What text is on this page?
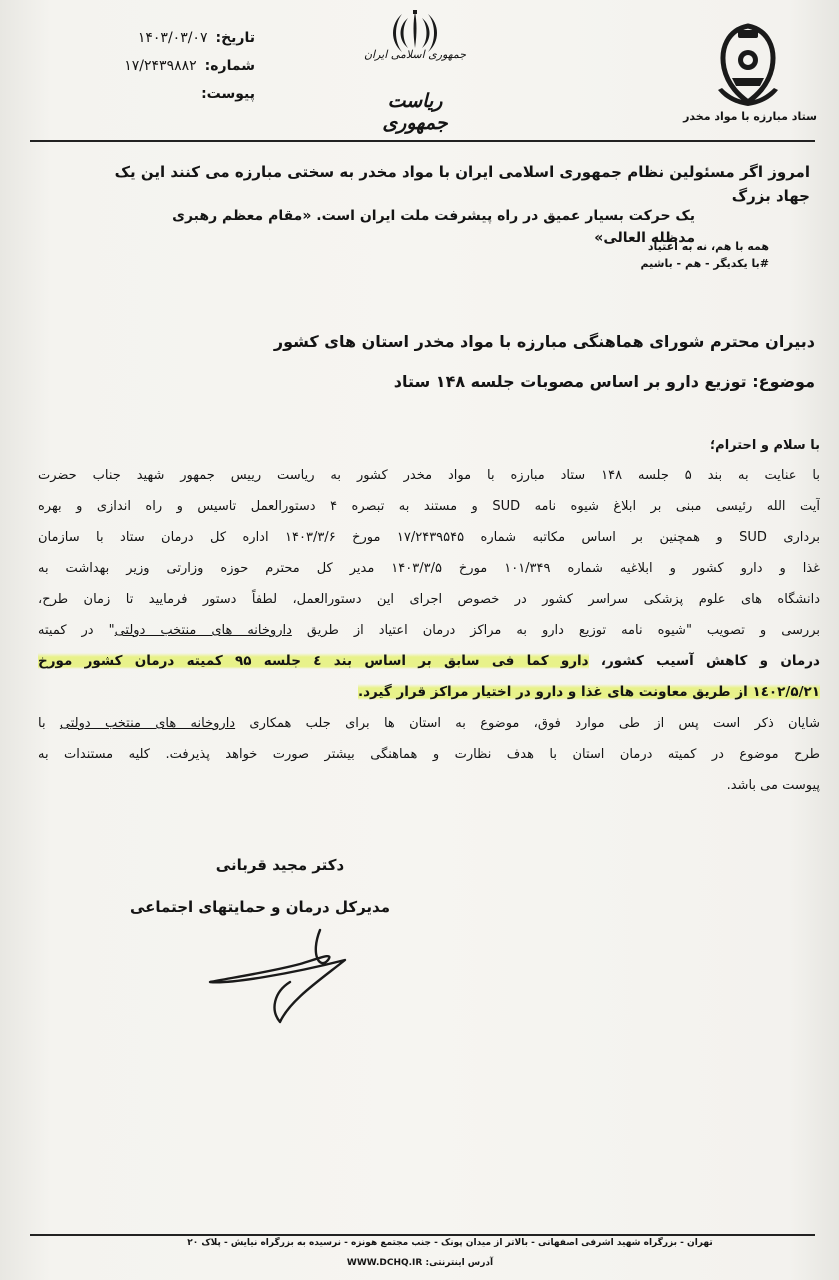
تاریخ:
۱۴۰۳/۰۳/۰۷
شماره:
۱۷/۲۴۳۹۸۸۲
پیوست:
جمهوری اسلامی ایران
ریاست جمهوری	ستاد مبارزه با مواد مخدر
امروز اگر مسئولین نظام جمهوری اسلامی ایران با مواد مخدر به سختی مبارزه می کنند این یک جهاد بزرگ
یک حرکت بسیار عمیق در راه پیشرفت ملت ایران است. «مقام معظم رهبری مدظله العالی»
همه با هم، نه به اعتیاد
#با یکدیگر - هم - باشیم
دبیران محترم شورای هماهنگی مبارزه با مواد مخدر استان های کشور
موضوع: توزیع دارو بر اساس مصوبات جلسه ۱۴۸ ستاد
با سلام و احترام؛
با عنایت به بند ۵ جلسه ۱۴۸ ستاد مبارزه با مواد مخدر کشور به ریاست رییس جمهور شهید جناب حضرت
آیت الله رئیسی مبنی بر ابلاغ شیوه نامه SUD و مستند به تبصره ۴ دستورالعمل تاسیس و راه اندازی و بهره
برداری SUD و همچنین بر اساس مکاتبه شماره ۱۷/۲۴۳۹۵۴۵ مورخ ۱۴۰۳/۳/۶ اداره کل درمان ستاد با سازمان
غذا و دارو کشور و ابلاغیه شماره ۱۰۱/۳۴۹ مورخ ۱۴۰۳/۳/۵ مدیر کل محترم حوزه وزارتی وزیر بهداشت به
دانشگاه های علوم پزشکی سراسر کشور در خصوص اجرای این دستورالعمل، لطفاً دستور فرمایید تا زمان طرح،
بررسی و تصویب "شیوه نامه توزیع دارو به مراکز درمان اعتیاد از طریق داروخانه های منتخب دولتی" در کمیته
درمان و کاهش آسیب کشور، دارو کما فی سابق بر اساس بند ٤ جلسه ۹۵ کمیته درمان کشور مورخ
۱٤۰۲/۵/۲۱ از طریق معاونت های غذا و دارو در اختیار مراکز قرار گیرد.
شایان ذکر است پس از طی موارد فوق، موضوع به استان ها برای جلب همکاری داروخانه های منتخب دولتی با
طرح موضوع در کمیته درمان استان با هدف نظارت و هماهنگی بیشتر صورت خواهد پذیرفت. کلیه مستندات به
پیوست می باشد.
دکتر مجید قربانی
مدیرکل درمان و حمایتهای اجتماعی
تهران - بزرگراه شهید اشرفی اصفهانی - بالاتر از میدان پونک - جنب مجتمع هونزه - نرسیده به بزرگراه نیایش - پلاک ۲۰
آدرس اینترنتی: WWW.DCHQ.IR
